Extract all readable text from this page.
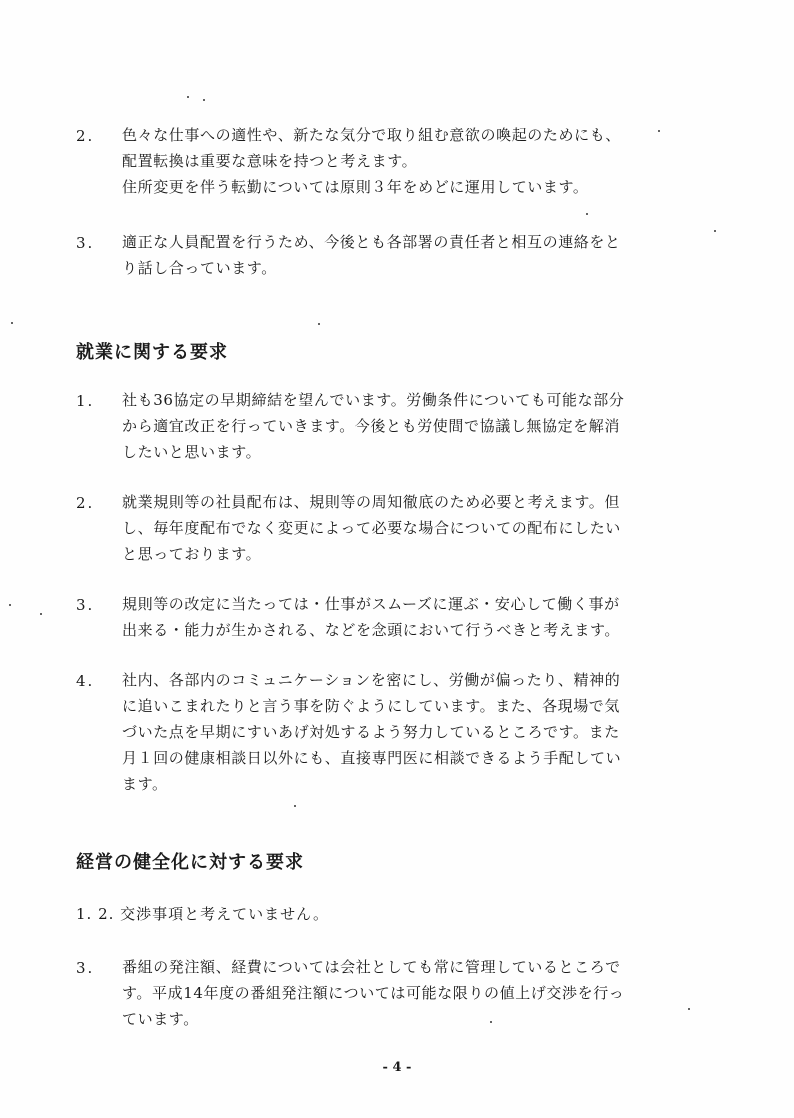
2. 色々な仕事への適性や、新たな気分で取り組む意欲の喚起のためにも、
配置転換は重要な意味を持つと考えます。
住所変更を伴う転勤については原則３年をめどに運用しています。
3. 適正な人員配置を行うため、今後とも各部署の責任者と相互の連絡をと
り話し合っています。
就業に関する要求
1. 社も36協定の早期締結を望んでいます。労働条件についても可能な部分
から適宜改正を行っていきます。今後とも労使間で協議し無協定を解消
したいと思います。
2. 就業規則等の社員配布は、規則等の周知徹底のため必要と考えます。但
し、毎年度配布でなく変更によって必要な場合についての配布にしたい
と思っております。
3. 規則等の改定に当たっては・仕事がスムーズに運ぶ・安心して働く事が
出来る・能力が生かされる、などを念頭において行うべきと考えます。
4. 社内、各部内のコミュニケーションを密にし、労働が偏ったり、精神的
に追いこまれたりと言う事を防ぐようにしています。また、各現場で気
づいた点を早期にすいあげ対処するよう努力しているところです。また
月１回の健康相談日以外にも、直接専門医に相談できるよう手配してい
ます。
経営の健全化に対する要求
1. 2. 交渉事項と考えていません。
3. 番組の発注額、経費については会社としても常に管理しているところで
す。平成14年度の番組発注額については可能な限りの値上げ交渉を行っ
ています。
- 4 -
